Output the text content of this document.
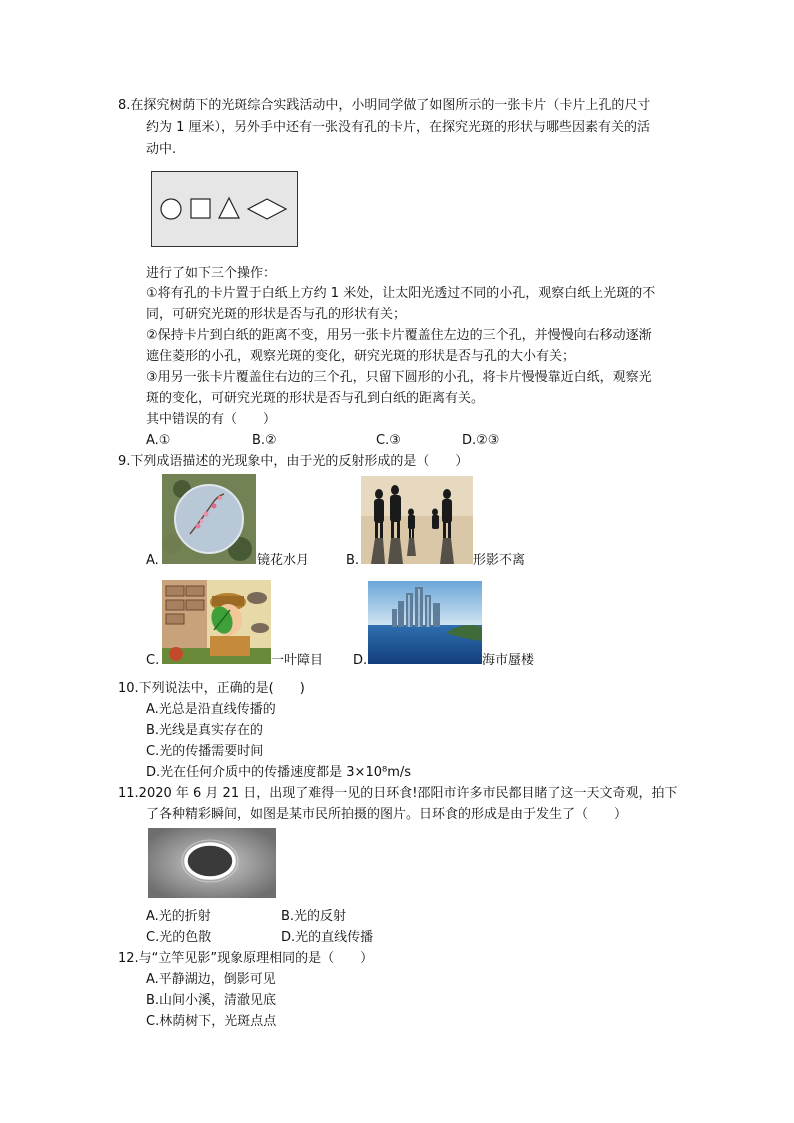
8.在探究树荫下的光斑综合实践活动中，小明同学做了如图所示的一张卡片（卡片上孔的尺寸
约为 1 厘米），另外手中还有一张没有孔的卡片，在探究光斑的形状与哪些因素有关的活
动中.
进行了如下三个操作：
①将有孔的卡片置于白纸上方约 1 米处，让太阳光透过不同的小孔，观察白纸上光斑的不
同，可研究光斑的形状是否与孔的形状有关；
②保持卡片到白纸的距离不变，用另一张卡片覆盖住左边的三个孔，并慢慢向右移动逐渐
遮住菱形的小孔，观察光斑的变化，研究光斑的形状是否与孔的大小有关；
③用另一张卡片覆盖住右边的三个孔，只留下圆形的小孔，将卡片慢慢靠近白纸，观察光
斑的变化，可研究光斑的形状是否与孔到白纸的距离有关。
其中错误的有（　　）
A.①	B.②	C.③	D.②③
9.下列成语描述的光现象中，由于光的反射形成的是（　　）
A.	镜花水月	B.	形影不离
C.	一叶障目 D.	海市蜃楼
10.下列说法中，正确的是(　　)
A.光总是沿直线传播的
B.光线是真实存在的
C.光的传播需要时间
D.光在任何介质中的传播速度都是 3×10⁸m/s
11.2020 年 6 月 21 日，出现了难得一见的日环食!邵阳市许多市民都目睹了这一天文奇观，拍下
了各种精彩瞬间，如图是某市民所拍摄的图片。日环食的形成是由于发生了（　　）
A.光的折射	B.光的反射
C.光的色散	D.光的直线传播
12.与“立竿见影”现象原理相同的是（　　）
A.平静湖边，倒影可见
B.山间小溪，清澈见底
C.林荫树下，光斑点点
